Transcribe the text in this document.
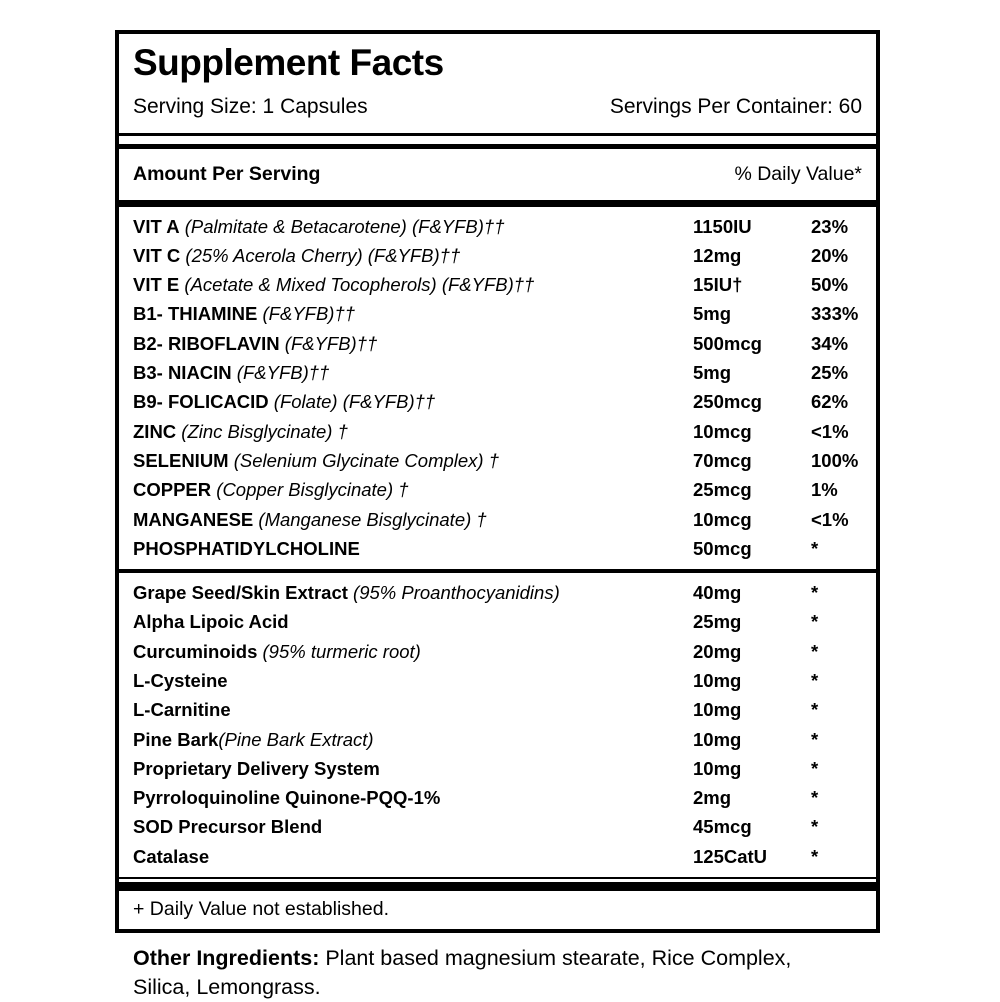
Supplement Facts
Serving Size: 1 Capsules	Servings Per Container: 60
Amount Per Serving	% Daily Value*
VIT A (Palmitate & Betacarotene) (F&YFB)††	1150IU	23%
VIT C (25% Acerola Cherry) (F&YFB)††	12mg	20%
VIT E (Acetate & Mixed Tocopherols) (F&YFB)††	15IU†	50%
B1- THIAMINE (F&YFB)††	5mg	333%
B2- RIBOFLAVIN (F&YFB)††	500mcg	34%
B3- NIACIN (F&YFB)††	5mg	25%
B9- FOLICACID (Folate) (F&YFB)††	250mcg	62%
ZINC (Zinc Bisglycinate) †	10mcg	<1%
SELENIUM (Selenium Glycinate Complex) †	70mcg	100%
COPPER (Copper Bisglycinate) †	25mcg	1%
MANGANESE (Manganese Bisglycinate) †	10mcg	<1%
PHOSPHATIDYLCHOLINE	50mcg	*
Grape Seed/Skin Extract (95% Proanthocyanidins)	40mg	*
Alpha Lipoic Acid	25mg	*
Curcuminoids (95% turmeric root)	20mg	*
L-Cysteine	10mg	*
L-Carnitine	10mg	*
Pine Bark(Pine Bark Extract)	10mg	*
Proprietary Delivery System	10mg	*
Pyrroloquinoline Quinone-PQQ-1%	2mg	*
SOD Precursor Blend	45mcg	*
Catalase	125CatU	*
+ Daily Value not established.

Other Ingredients: Plant based magnesium stearate, Rice Complex, Silica, Lemongrass.
